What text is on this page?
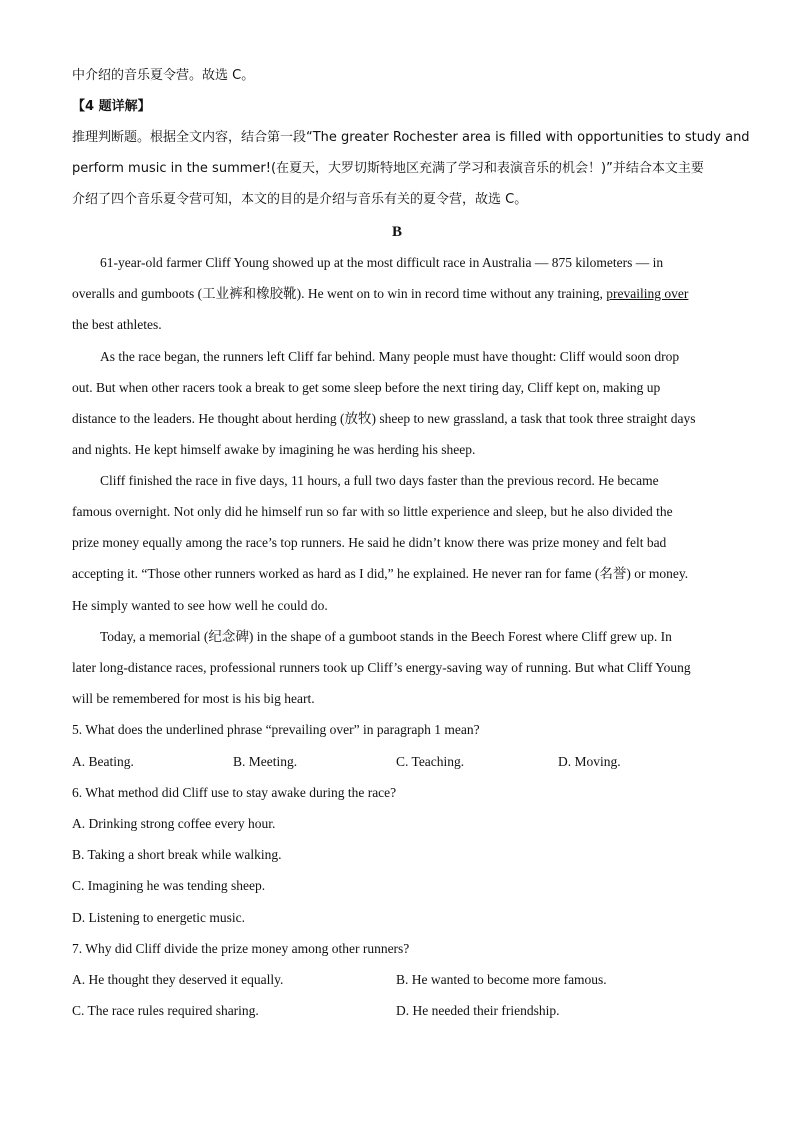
中介绍的音乐夏令营。故选 C。
【4 题详解】
推理判断题。根据全文内容，结合第一段“The greater Rochester area is filled with opportunities to study and
perform music in the summer!(在夏天，大罗切斯特地区充满了学习和表演音乐的机会！)”并结合本文主要
介绍了四个音乐夏令营可知，本文的目的是介绍与音乐有关的夏令营，故选 C。
B
61-year-old farmer Cliff Young showed up at the most difficult race in Australia — 875 kilometers — in
overalls and gumboots (工业裤和橡胶靴). He went on to win in record time without any training, prevailing over
the best athletes.
As the race began, the runners left Cliff far behind. Many people must have thought: Cliff would soon drop
out. But when other racers took a break to get some sleep before the next tiring day, Cliff kept on, making up
distance to the leaders. He thought about herding (放牧) sheep to new grassland, a task that took three straight days
and nights. He kept himself awake by imagining he was herding his sheep.
Cliff finished the race in five days, 11 hours, a full two days faster than the previous record. He became
famous overnight. Not only did he himself run so far with so little experience and sleep, but he also divided the
prize money equally among the race’s top runners. He said he didn’t know there was prize money and felt bad
accepting it. “Those other runners worked as hard as I did,” he explained. He never ran for fame (名誉) or money.
He simply wanted to see how well he could do.
Today, a memorial (纪念碑) in the shape of a gumboot stands in the Beech Forest where Cliff grew up. In
later long-distance races, professional runners took up Cliff’s energy-saving way of running. But what Cliff Young
will be remembered for most is his big heart.
5. What does the underlined phrase “prevailing over” in paragraph 1 mean?
A. Beating.	B. Meeting.	C. Teaching.	D. Moving.
6. What method did Cliff use to stay awake during the race?
A. Drinking strong coffee every hour.
B. Taking a short break while walking.
C. Imagining he was tending sheep.
D. Listening to energetic music.
7. Why did Cliff divide the prize money among other runners?
A. He thought they deserved it equally.	B. He wanted to become more famous.
C. The race rules required sharing.	D. He needed their friendship.
